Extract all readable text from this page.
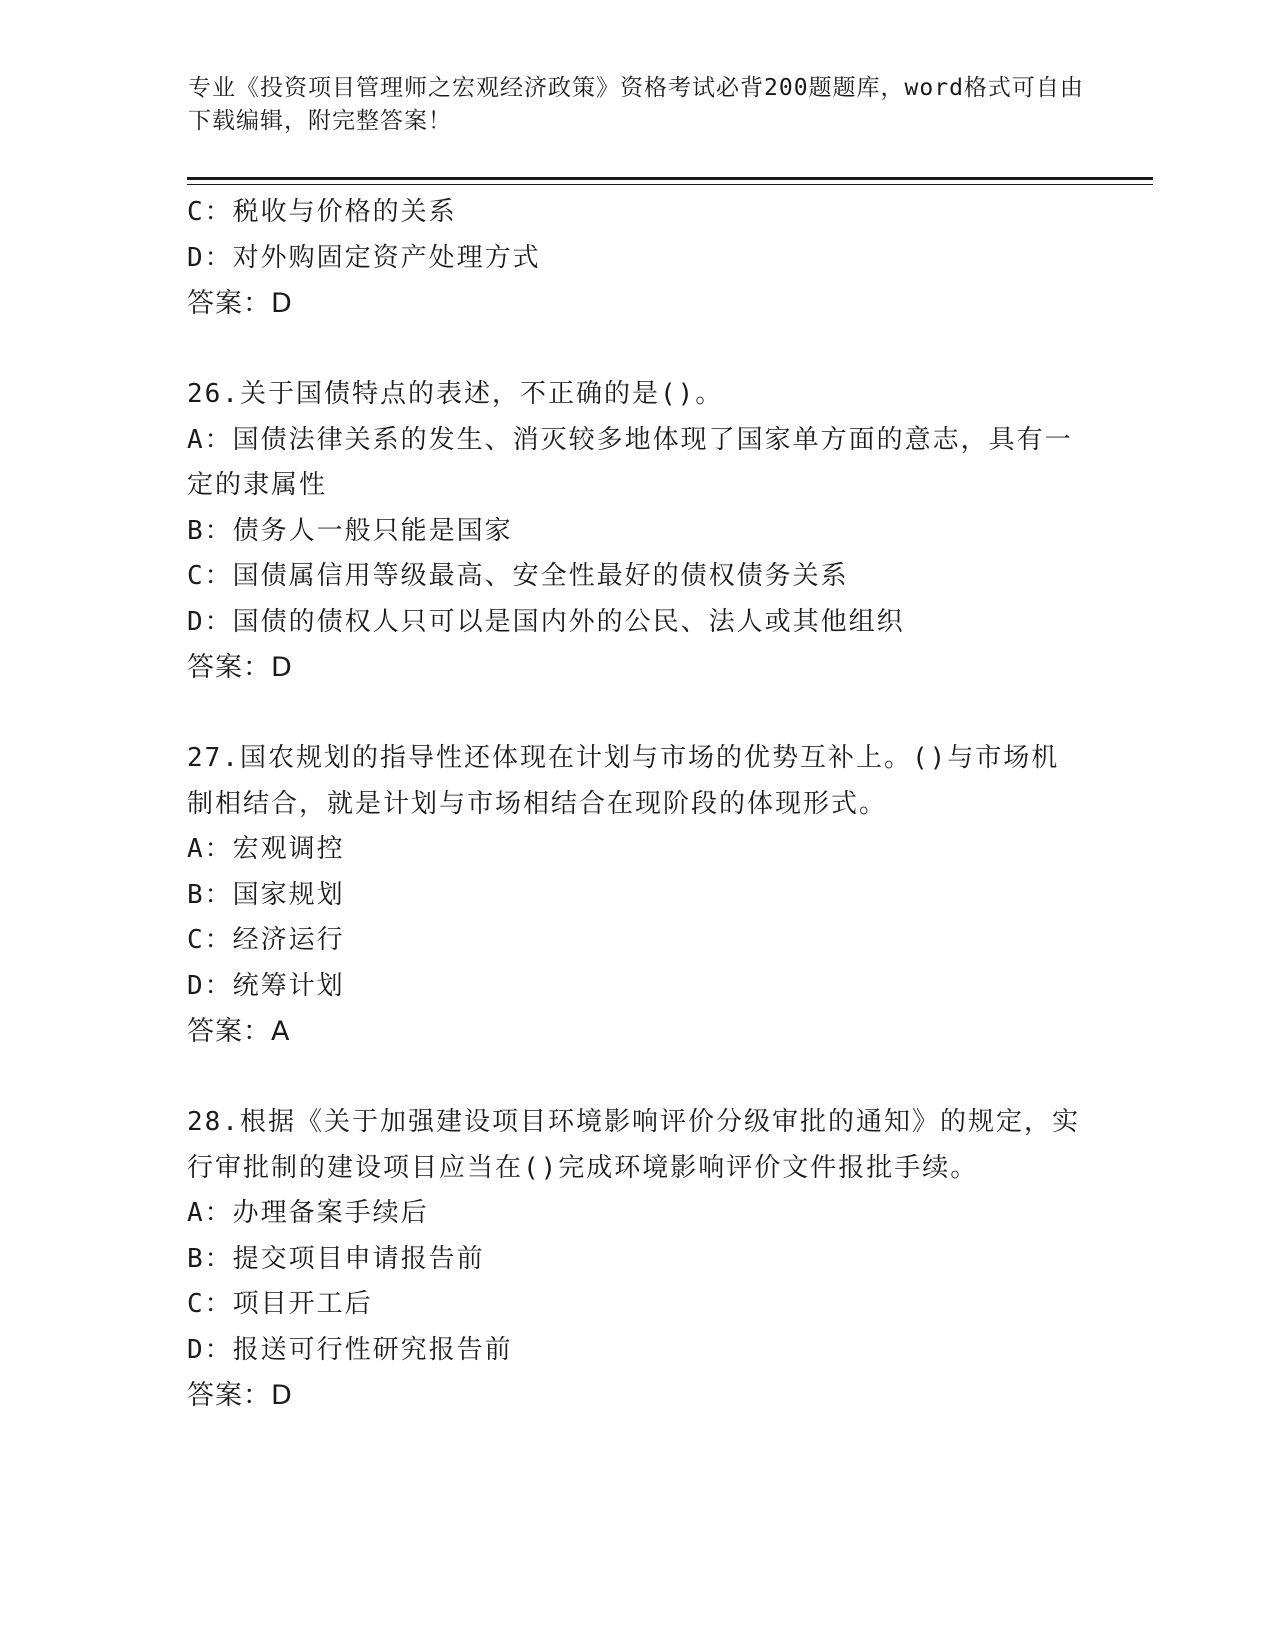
专业《投资项目管理师之宏观经济政策》资格考试必背200题题库，word格式可自由下载编辑，附完整答案！
C：税收与价格的关系
D：对外购固定资产处理方式
答案：D
26.关于国债特点的表述，不正确的是()。
A：国债法律关系的发生、消灭较多地体现了国家单方面的意志，具有一定的隶属性
B：债务人一般只能是国家
C：国债属信用等级最高、安全性最好的债权债务关系
D：国债的债权人只可以是国内外的公民、法人或其他组织
答案：D
27.国农规划的指导性还体现在计划与市场的优势互补上。()与市场机制相结合，就是计划与市场相结合在现阶段的体现形式。
A：宏观调控
B：国家规划
C：经济运行
D：统筹计划
答案：A
28.根据《关于加强建设项目环境影响评价分级审批的通知》的规定，实行审批制的建设项目应当在()完成环境影响评价文件报批手续。
A：办理备案手续后
B：提交项目申请报告前
C：项目开工后
D：报送可行性研究报告前
答案：D
